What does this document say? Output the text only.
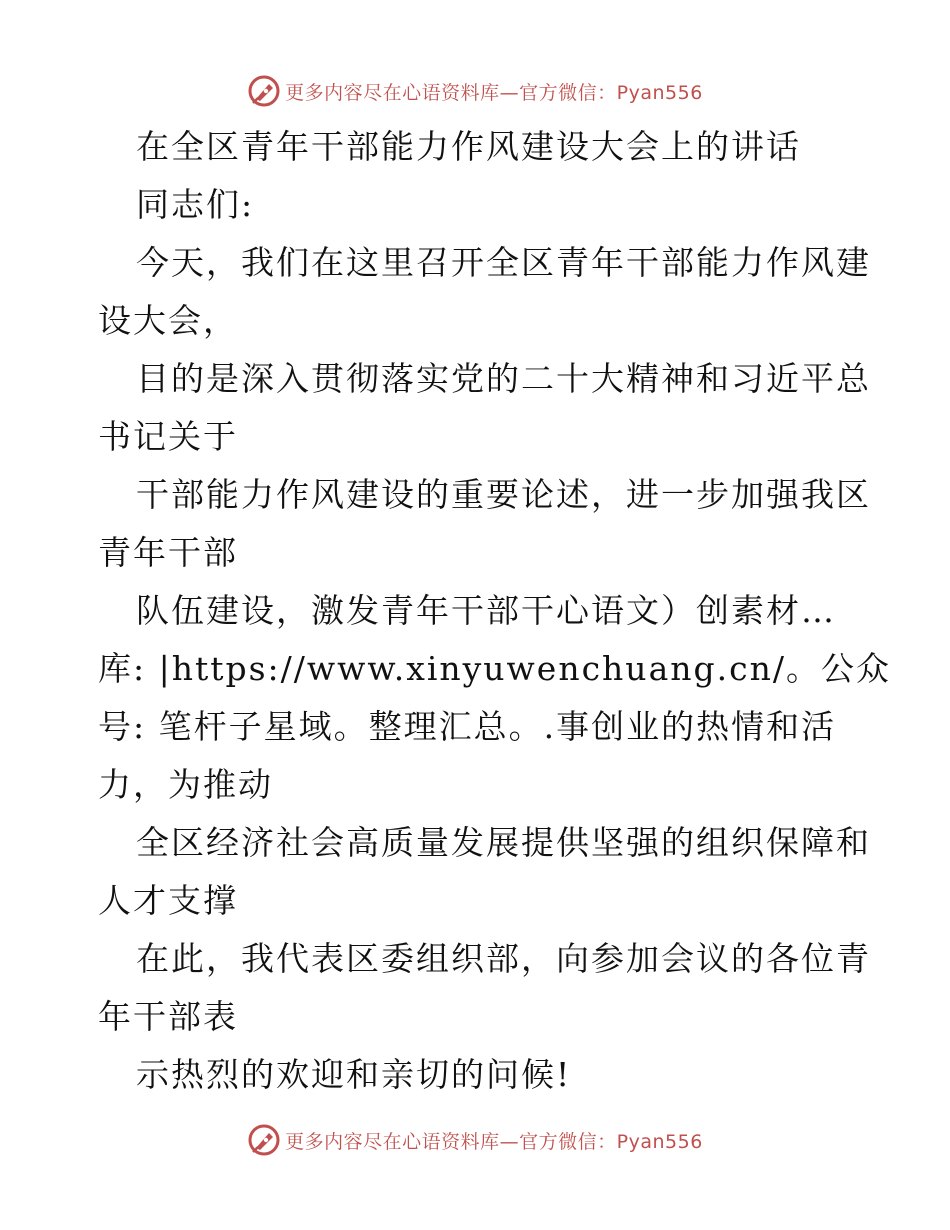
更多内容尽在心语资料库—官方微信：Pyan556
在全区青年干部能力作风建设大会上的讲话
同志们:
今天，我们在这里召开全区青年干部能力作风建
设大会，
目的是深入贯彻落实党的二十大精神和习近平总
书记关于
干部能力作风建设的重要论述，进一步加强我区
青年干部
队伍建设，激发青年干部干心语文）创素材…
库: |https://www.xinyuwenchuang.cn/。公众
号: 笔杆子星域。整理汇总。.事创业的热情和活
力，为推动
全区经济社会高质量发展提供坚强的组织保障和
人才支撑
在此，我代表区委组织部，向参加会议的各位青
年干部表
示热烈的欢迎和亲切的问候!
更多内容尽在心语资料库—官方微信：Pyan556
